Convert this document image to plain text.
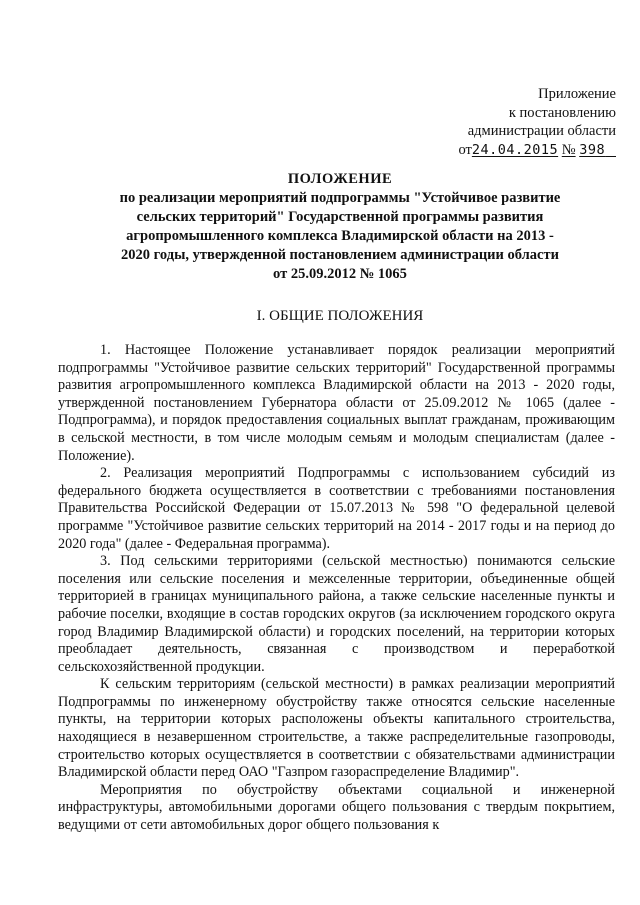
Приложение
к постановлению
администрации области
от24.04.2015 № 398
ПОЛОЖЕНИЕ
по реализации мероприятий подпрограммы "Устойчивое развитие
сельских территорий" Государственной программы развития
агропромышленного комплекса Владимирской области на 2013 -
2020 годы, утвержденной постановлением администрации области
от 25.09.2012 № 1065
I. ОБЩИЕ ПОЛОЖЕНИЯ

1. Настоящее Положение устанавливает порядок реализации мероприятий подпрограммы "Устойчивое развитие сельских территорий" Государственной программы развития агропромышленного комплекса Владимирской области на 2013 - 2020 годы, утвержденной постановлением Губернатора области от 25.09.2012 № 1065 (далее - Подпрограмма), и порядок предоставления социальных выплат гражданам, проживающим в сельской местности, в том числе молодым семьям и молодым специалистам (далее - Положение).

2. Реализация мероприятий Подпрограммы с использованием субсидий из федерального бюджета осуществляется в соответствии с требованиями постановления Правительства Российской Федерации от 15.07.2013 № 598 "О федеральной целевой программе "Устойчивое развитие сельских территорий на 2014 - 2017 годы и на период до 2020 года" (далее - Федеральная программа).

3. Под сельскими территориями (сельской местностью) понимаются сельские поселения или сельские поселения и межселенные территории, объединенные общей территорией в границах муниципального района, а также сельские населенные пункты и рабочие поселки, входящие в состав городских округов (за исключением городского округа город Владимир Владимирской области) и городских поселений, на территории которых преобладает деятельность, связанная с производством и переработкой сельскохозяйственной продукции.

К сельским территориям (сельской местности) в рамках реализации мероприятий Подпрограммы по инженерному обустройству также относятся сельские населенные пункты, на территории которых расположены объекты капитального строительства, находящиеся в незавершенном строительстве, а также распределительные газопроводы, строительство которых осуществляется в соответствии с обязательствами администрации Владимирской области перед ОАО "Газпром газораспределение Владимир".

Мероприятия по обустройству объектами социальной и инженерной инфраструктуры, автомобильными дорогами общего пользования с твердым покрытием, ведущими от сети автомобильных дорог общего пользования к
